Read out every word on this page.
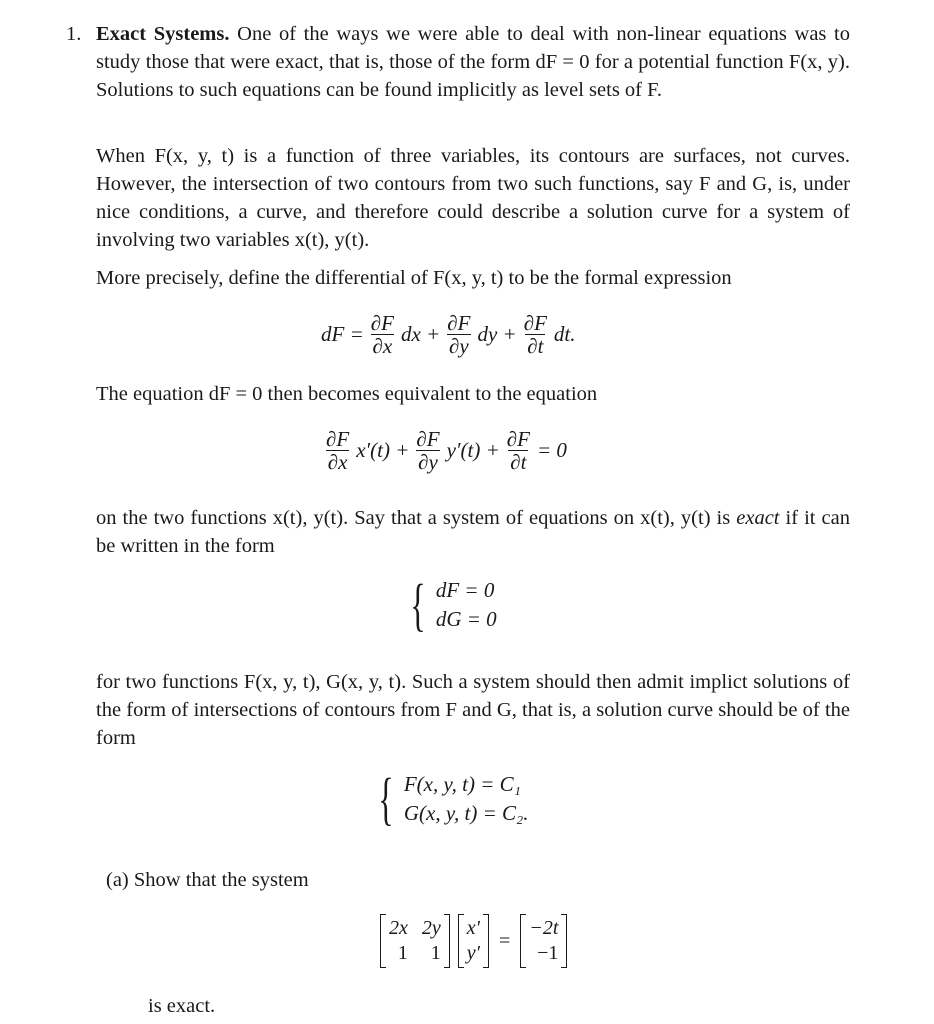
1. Exact Systems. One of the ways we were able to deal with non-linear equations was to study those that were exact, that is, those of the form dF = 0 for a potential function F(x, y). Solutions to such equations can be found implicitly as level sets of F.
When F(x, y, t) is a function of three variables, its contours are surfaces, not curves. However, the intersection of two contours from two such functions, say F and G, is, under nice conditions, a curve, and therefore could describe a solution curve for a system of involving two variables x(t), y(t).
More precisely, define the differential of F(x, y, t) to be the formal expression
dF = $\frac{\partial F}{\partial x}$ dx + $\frac{\partial F}{\partial y}$ dy + $\frac{\partial F}{\partial t}$ dt.
The equation dF = 0 then becomes equivalent to the equation
$\frac{\partial F}{\partial x} x'(t) + \frac{\partial F}{\partial y} y'(t) + \frac{\partial F}{\partial t} = 0$
on the two functions x(t), y(t). Say that a system of equations on x(t), y(t) is exact if it can be written in the form
{ dF = 0
dG = 0
for two functions F(x, y, t), G(x, y, t). Such a system should then admit implict solutions of the form of intersections of contours from F and G, that is, a solution curve should be of the form
{ F(x, y, t) = C₁
G(x, y, t) = C₂.
(a) Show that the system
2x 2y
1	1
x′
y′
=
−2t
−1
is exact.
